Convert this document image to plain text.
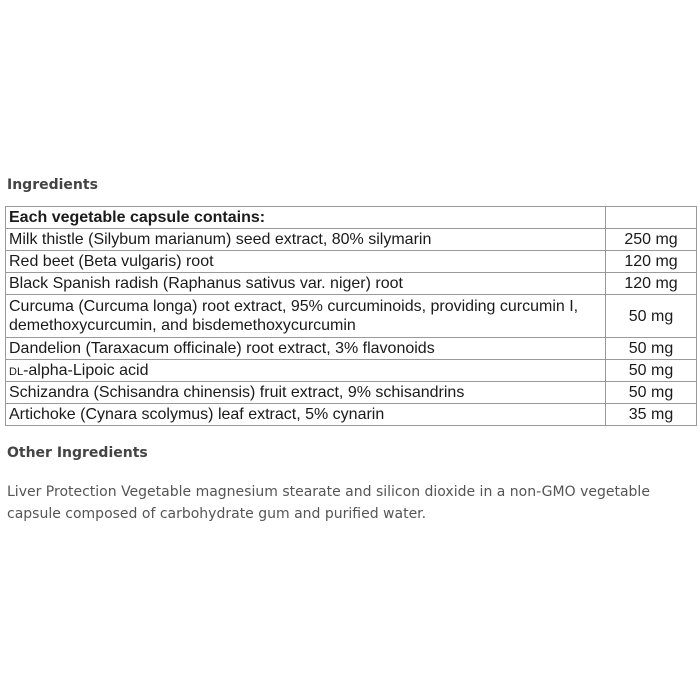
Ingredients
Each vegetable capsule contains:	
Milk thistle (Silybum marianum) seed extract, 80% silymarin	250 mg
Red beet (Beta vulgaris) root	120 mg
Black Spanish radish (Raphanus sativus var. niger) root	120 mg
Curcuma (Curcuma longa) root extract, 95% curcuminoids, providing curcumin I, demethoxycurcumin, and bisdemethoxycurcumin	50 mg
Dandelion (Taraxacum officinale) root extract, 3% flavonoids	50 mg
dl-alpha-Lipoic acid	50 mg
Schizandra (Schisandra chinensis) fruit extract, 9% schisandrins	50 mg
Artichoke (Cynara scolymus) leaf extract, 5% cynarin	35 mg
Other Ingredients

Liver Protection Vegetable magnesium stearate and silicon dioxide in a non-GMO vegetable capsule composed of carbohydrate gum and purified water.
